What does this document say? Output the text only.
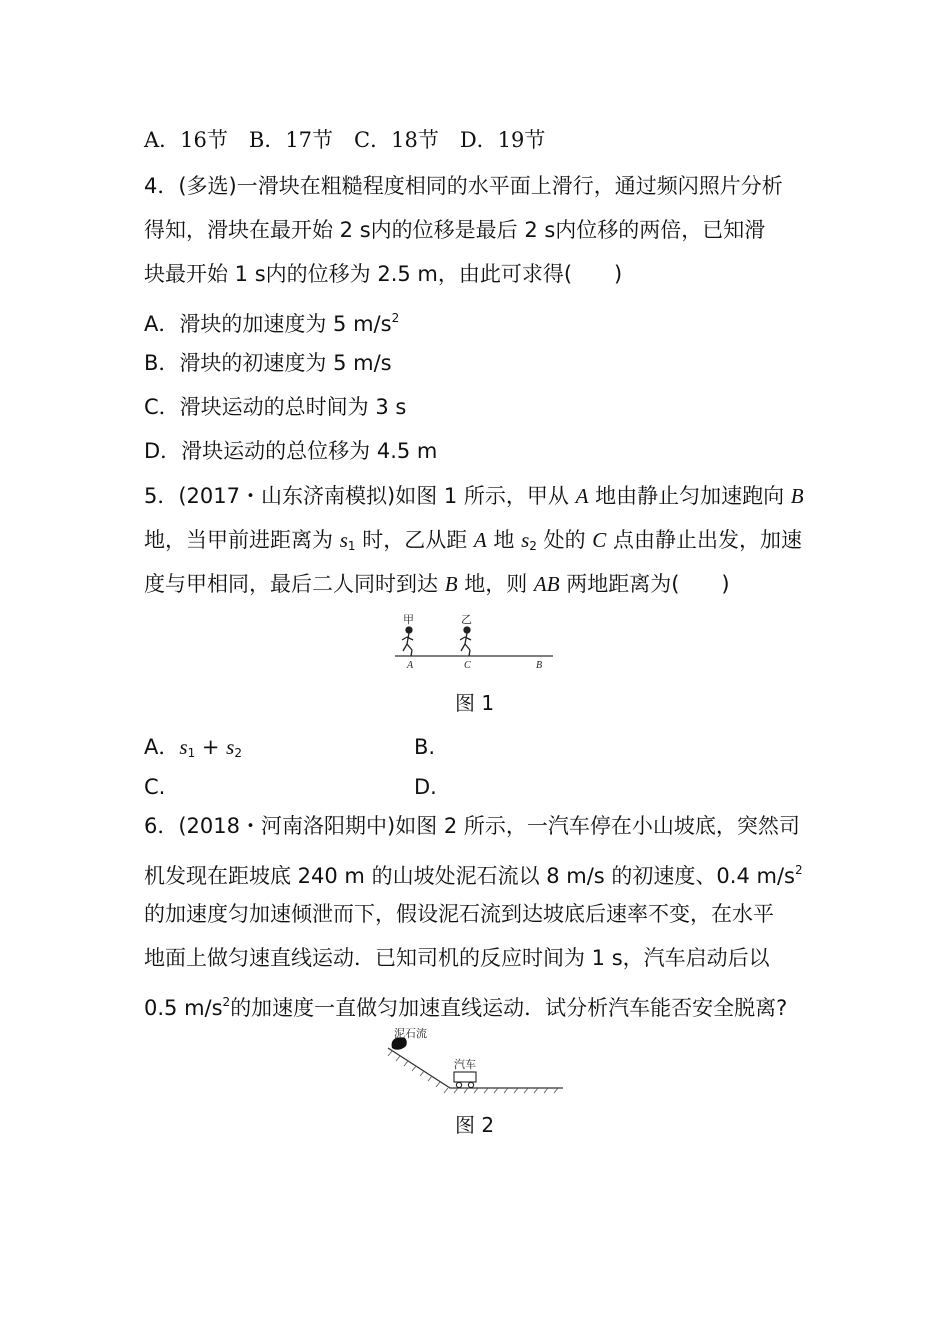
A．16节　B．17节　C．18节　D．19节
4．(多选)一滑块在粗糙程度相同的水平面上滑行，通过频闪照片分析
得知，滑块在最开始 2 s内的位移是最后 2 s内位移的两倍，已知滑
块最开始 1 s内的位移为 2.5 m，由此可求得(　　)
A．滑块的加速度为 5 $m/s^2$
B．滑块的初速度为 5 m/s
C．滑块运动的总时间为 3 s
D．滑块运动的总位移为 4.5 m
5．(2017・山东济南模拟)如图 1 所示，甲从 A 地由静止匀加速跑向 B
地，当甲前进距离为 $s_1$ 时，乙从距 A 地 $s_2$ 处的 C 点由静止出发，加速
度与甲相同，最后二人同时到达 B 地，则 AB 两地距离为(　　)
甲
A
乙
C	B
图 1
A．$s_1 + s_2$	B.
C.	D.
6．(2018・河南洛阳期中)如图 2 所示，一汽车停在小山坡底，突然司
机发现在距坡底 240 m 的山坡处泥石流以 8 m/s 的初速度、0.4 $m/s^2$
的加速度匀加速倾泄而下，假设泥石流到达坡底后速率不变，在水平
地面上做匀速直线运动．已知司机的反应时间为 1 s，汽车启动后以
0.5 $m/s^2$的加速度一直做匀加速直线运动．试分析汽车能否安全脱离?
泥石流
汽车
图 2
